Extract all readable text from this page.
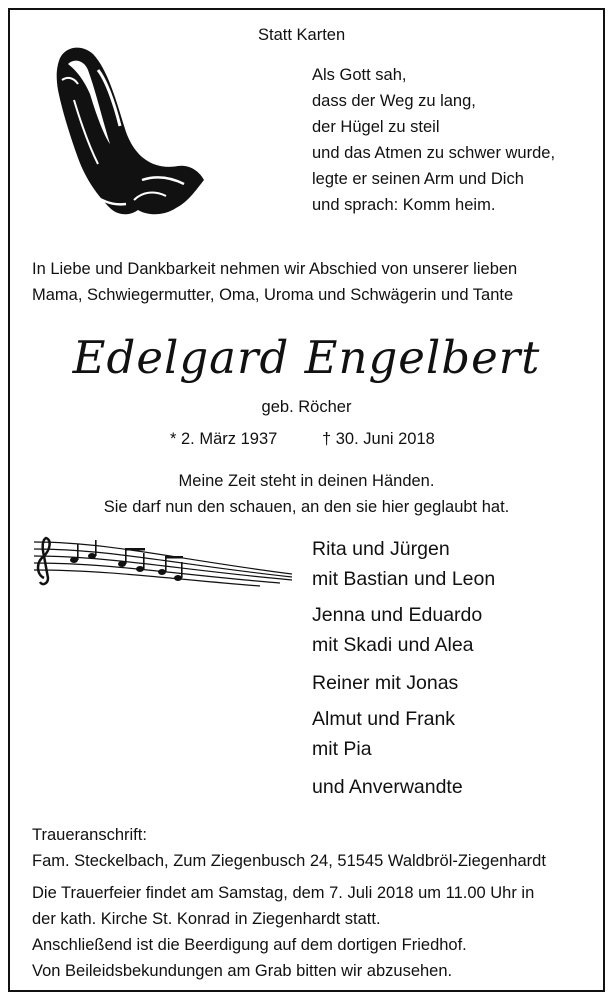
Statt Karten
Als Gott sah,
dass der Weg zu lang,
der Hügel zu steil
und das Atmen zu schwer wurde,
legte er seinen Arm und Dich
und sprach: Komm heim.
In Liebe und Dankbarkeit nehmen wir Abschied von unserer lieben
Mama, Schwiegermutter, Oma, Uroma und Schwägerin und Tante
Edelgard Engelbert
geb. Röcher
* 2. März 1937	† 30. Juni 2018
Meine Zeit steht in deinen Händen.
Sie darf nun den schauen, an den sie hier geglaubt hat.
Rita und Jürgen
mit Bastian und Leon
Jenna und Eduardo
mit Skadi und Alea
Reiner mit Jonas
Almut und Frank
mit Pia
und Anverwandte
Traueranschrift:
Fam. Steckelbach, Zum Ziegenbusch 24, 51545 Waldbröl-Ziegenhardt
Die Trauerfeier findet am Samstag, dem 7. Juli 2018 um 11.00 Uhr in
der kath. Kirche St. Konrad in Ziegenhardt statt.
Anschließend ist die Beerdigung auf dem dortigen Friedhof.
Von Beileidsbekundungen am Grab bitten wir abzusehen.
